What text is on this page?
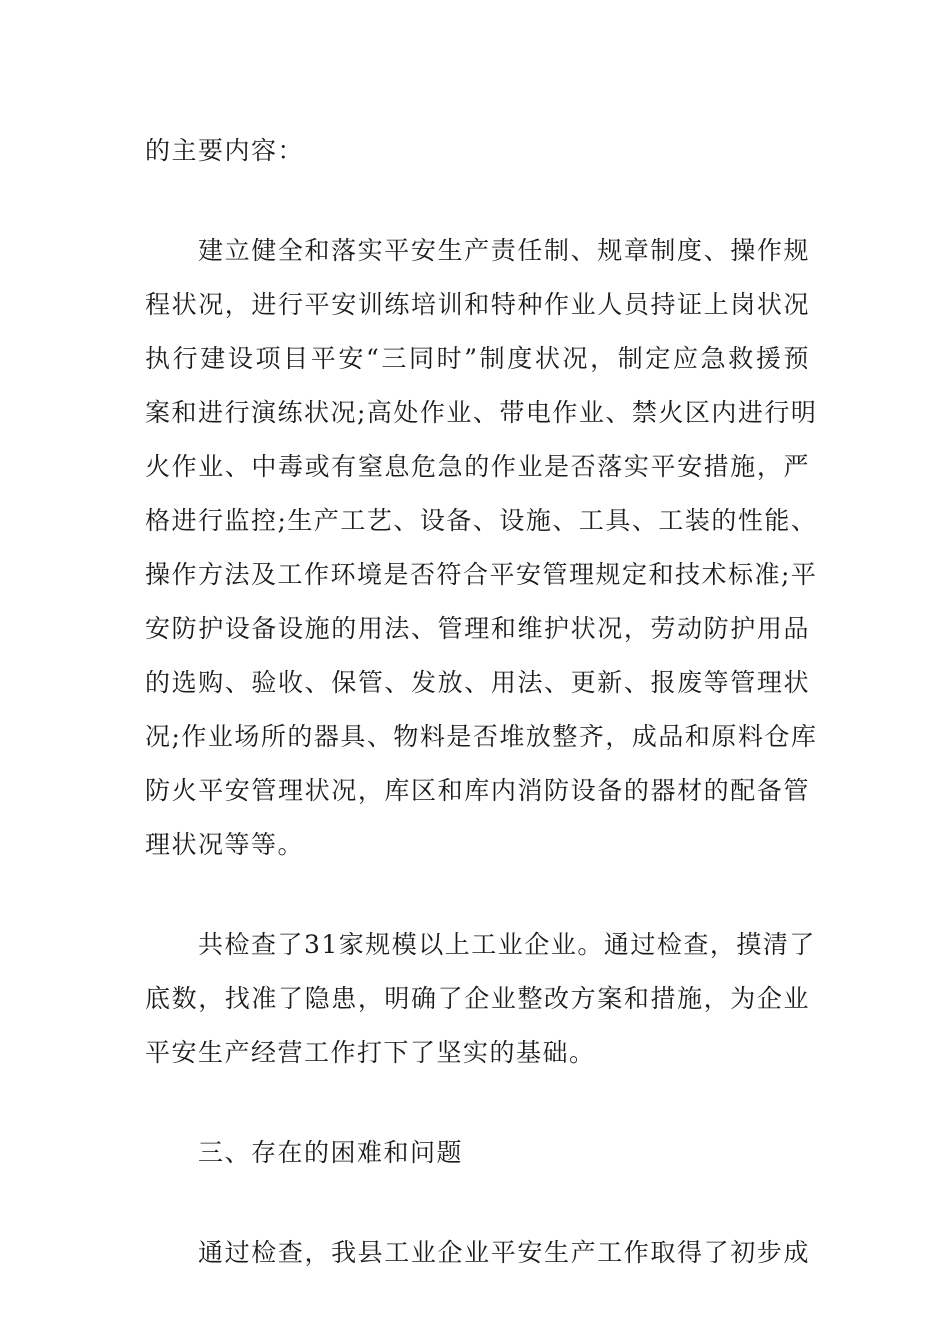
的主要内容：
建立健全和落实平安生产责任制、规章制度、操作规
程状况，进行平安训练培训和特种作业人员持证上岗状况
执行建设项目平安“三同时”制度状况，制定应急救援预
案和进行演练状况;高处作业、带电作业、禁火区内进行明
火作业、中毒或有窒息危急的作业是否落实平安措施，严
格进行监控;生产工艺、设备、设施、工具、工装的性能、
操作方法及工作环境是否符合平安管理规定和技术标准;平
安防护设备设施的用法、管理和维护状况，劳动防护用品
的选购、验收、保管、发放、用法、更新、报废等管理状
况;作业场所的器具、物料是否堆放整齐，成品和原料仓库
防火平安管理状况，库区和库内消防设备的器材的配备管
理状况等等。
共检查了31家规模以上工业企业。通过检查，摸清了
底数，找准了隐患，明确了企业整改方案和措施，为企业
平安生产经营工作打下了坚实的基础。
三、存在的困难和问题
通过检查，我县工业企业平安生产工作取得了初步成
